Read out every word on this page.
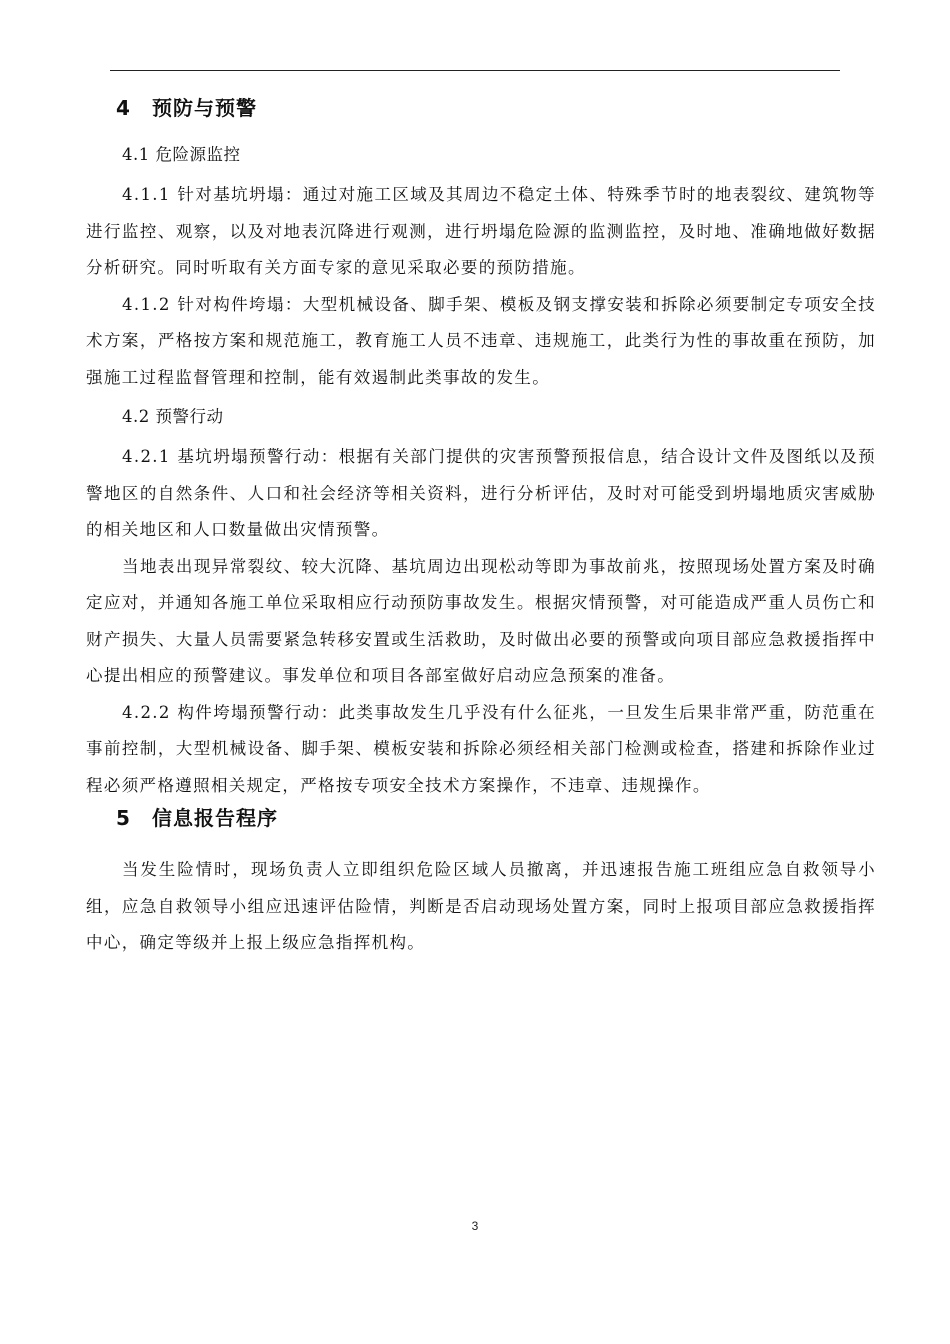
4 预防与预警
4.1 危险源监控

4.1.1 针对基坑坍塌：通过对施工区域及其周边不稳定土体、特殊季节时的地表裂纹、建筑物等进行监控、观察，以及对地表沉降进行观测，进行坍塌危险源的监测监控，及时地、准确地做好数据分析研究。同时听取有关方面专家的意见采取必要的预防措施。

4.1.2 针对构件垮塌：大型机械设备、脚手架、模板及钢支撑安装和拆除必须要制定专项安全技术方案，严格按方案和规范施工，教育施工人员不违章、违规施工，此类行为性的事故重在预防，加强施工过程监督管理和控制，能有效遏制此类事故的发生。

4.2 预警行动

4.2.1 基坑坍塌预警行动：根据有关部门提供的灾害预警预报信息，结合设计文件及图纸以及预警地区的自然条件、人口和社会经济等相关资料，进行分析评估，及时对可能受到坍塌地质灾害威胁的相关地区和人口数量做出灾情预警。

当地表出现异常裂纹、较大沉降、基坑周边出现松动等即为事故前兆，按照现场处置方案及时确定应对，并通知各施工单位采取相应行动预防事故发生。根据灾情预警，对可能造成严重人员伤亡和财产损失、大量人员需要紧急转移安置或生活救助，及时做出必要的预警或向项目部应急救援指挥中心提出相应的预警建议。事发单位和项目各部室做好启动应急预案的准备。

4.2.2 构件垮塌预警行动：此类事故发生几乎没有什么征兆，一旦发生后果非常严重，防范重在事前控制，大型机械设备、脚手架、模板安装和拆除必须经相关部门检测或检查，搭建和拆除作业过程必须严格遵照相关规定，严格按专项安全技术方案操作，不违章、违规操作。

5 信息报告程序

当发生险情时，现场负责人立即组织危险区域人员撤离，并迅速报告施工班组应急自救领导小组，应急自救领导小组应迅速评估险情，判断是否启动现场处置方案，同时上报项目部应急救援指挥中心，确定等级并上报上级应急指挥机构。

3
